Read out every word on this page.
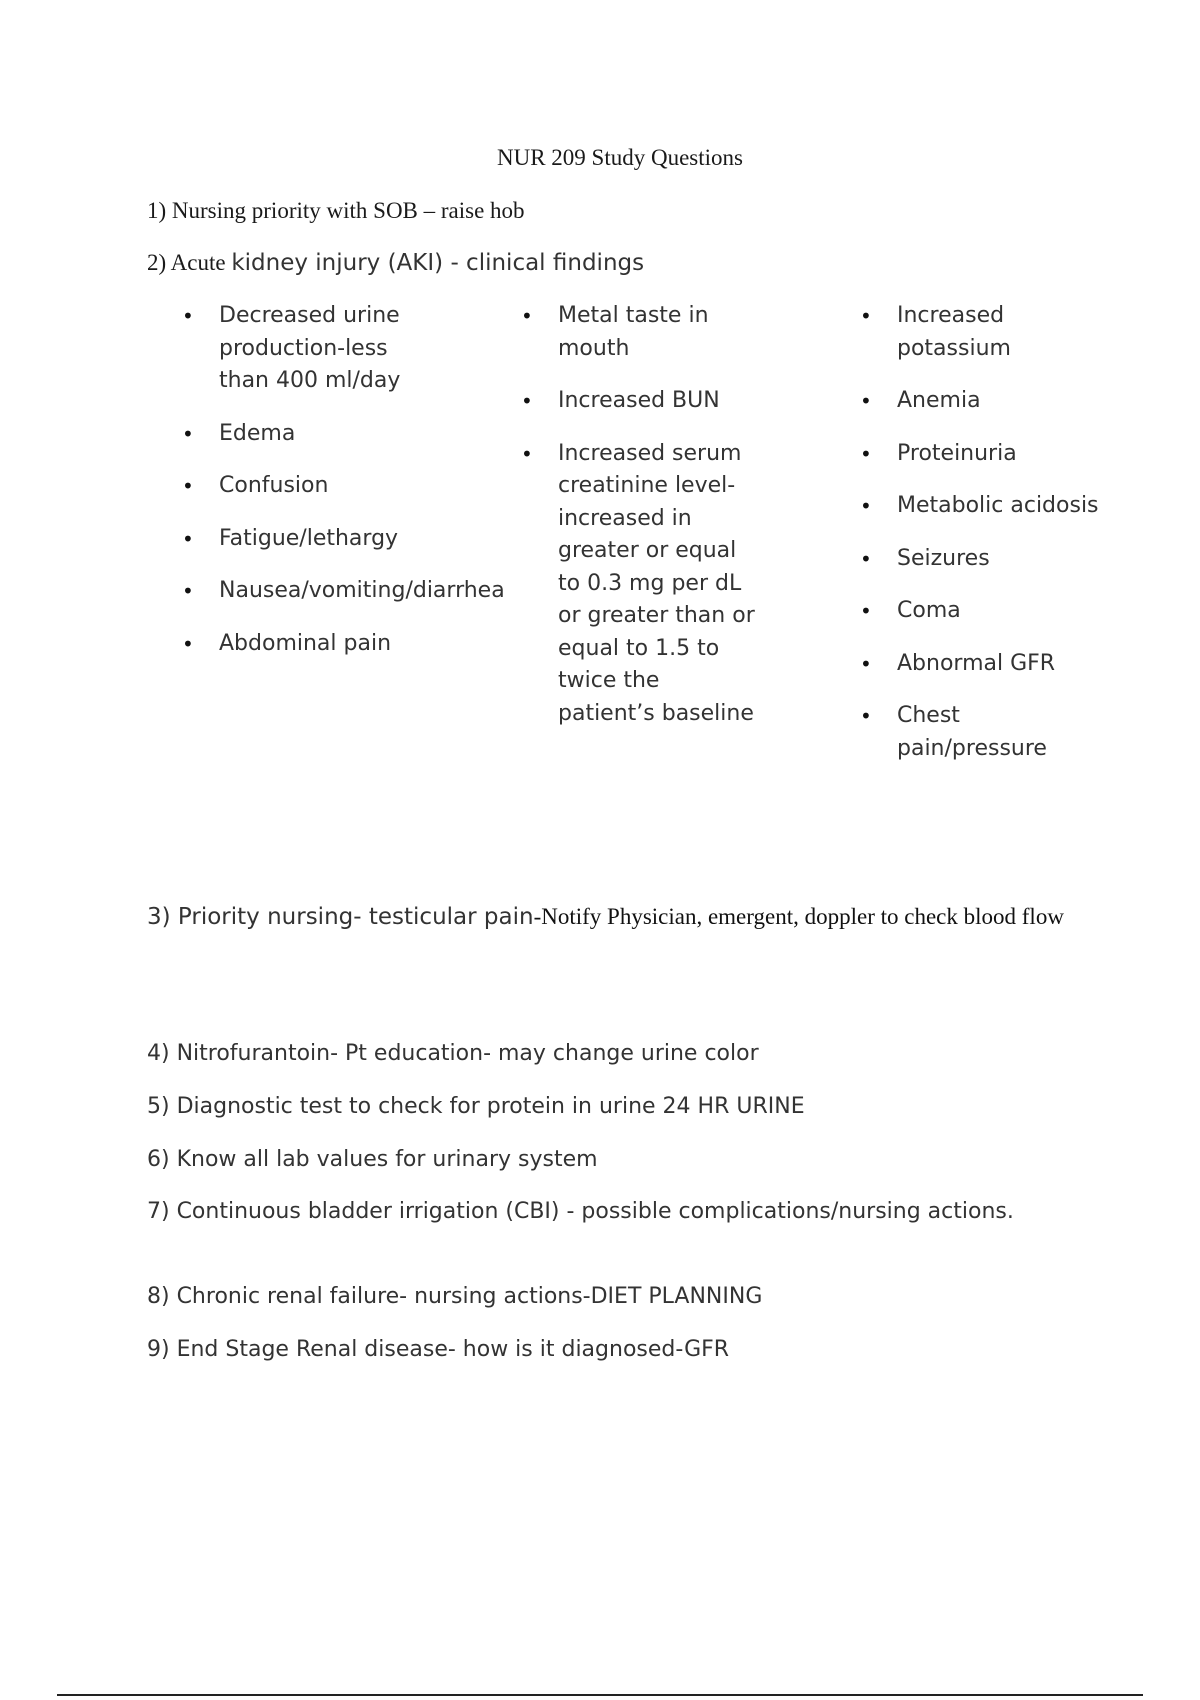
NUR 209 Study Questions
1) Nursing priority with SOB – raise hob
2) Acute kidney injury (AKI) - clinical findings
• Decreased urine production-less than 400 ml/day
• Edema
• Confusion
• Fatigue/lethargy
• Nausea/vomiting/diarrhea
• Abdominal pain
• Metal taste in mouth
• Increased BUN
• Increased serum creatinine level-increased in greater or equal to 0.3 mg per dL or greater than or equal to 1.5 to twice the patient’s baseline
• Increased potassium
• Anemia
• Proteinuria
• Metabolic acidosis
• Seizures
• Coma
• Abnormal GFR
• Chest pain/pressure
3) Priority nursing- testicular pain-Notify Physician, emergent, doppler to check blood flow
4) Nitrofurantoin- Pt education- may change urine color
5) Diagnostic test to check for protein in urine 24 HR URINE
6) Know all lab values for urinary system
7) Continuous bladder irrigation (CBI) - possible complications/nursing actions.
8) Chronic renal failure- nursing actions-DIET PLANNING
9) End Stage Renal disease- how is it diagnosed-GFR
